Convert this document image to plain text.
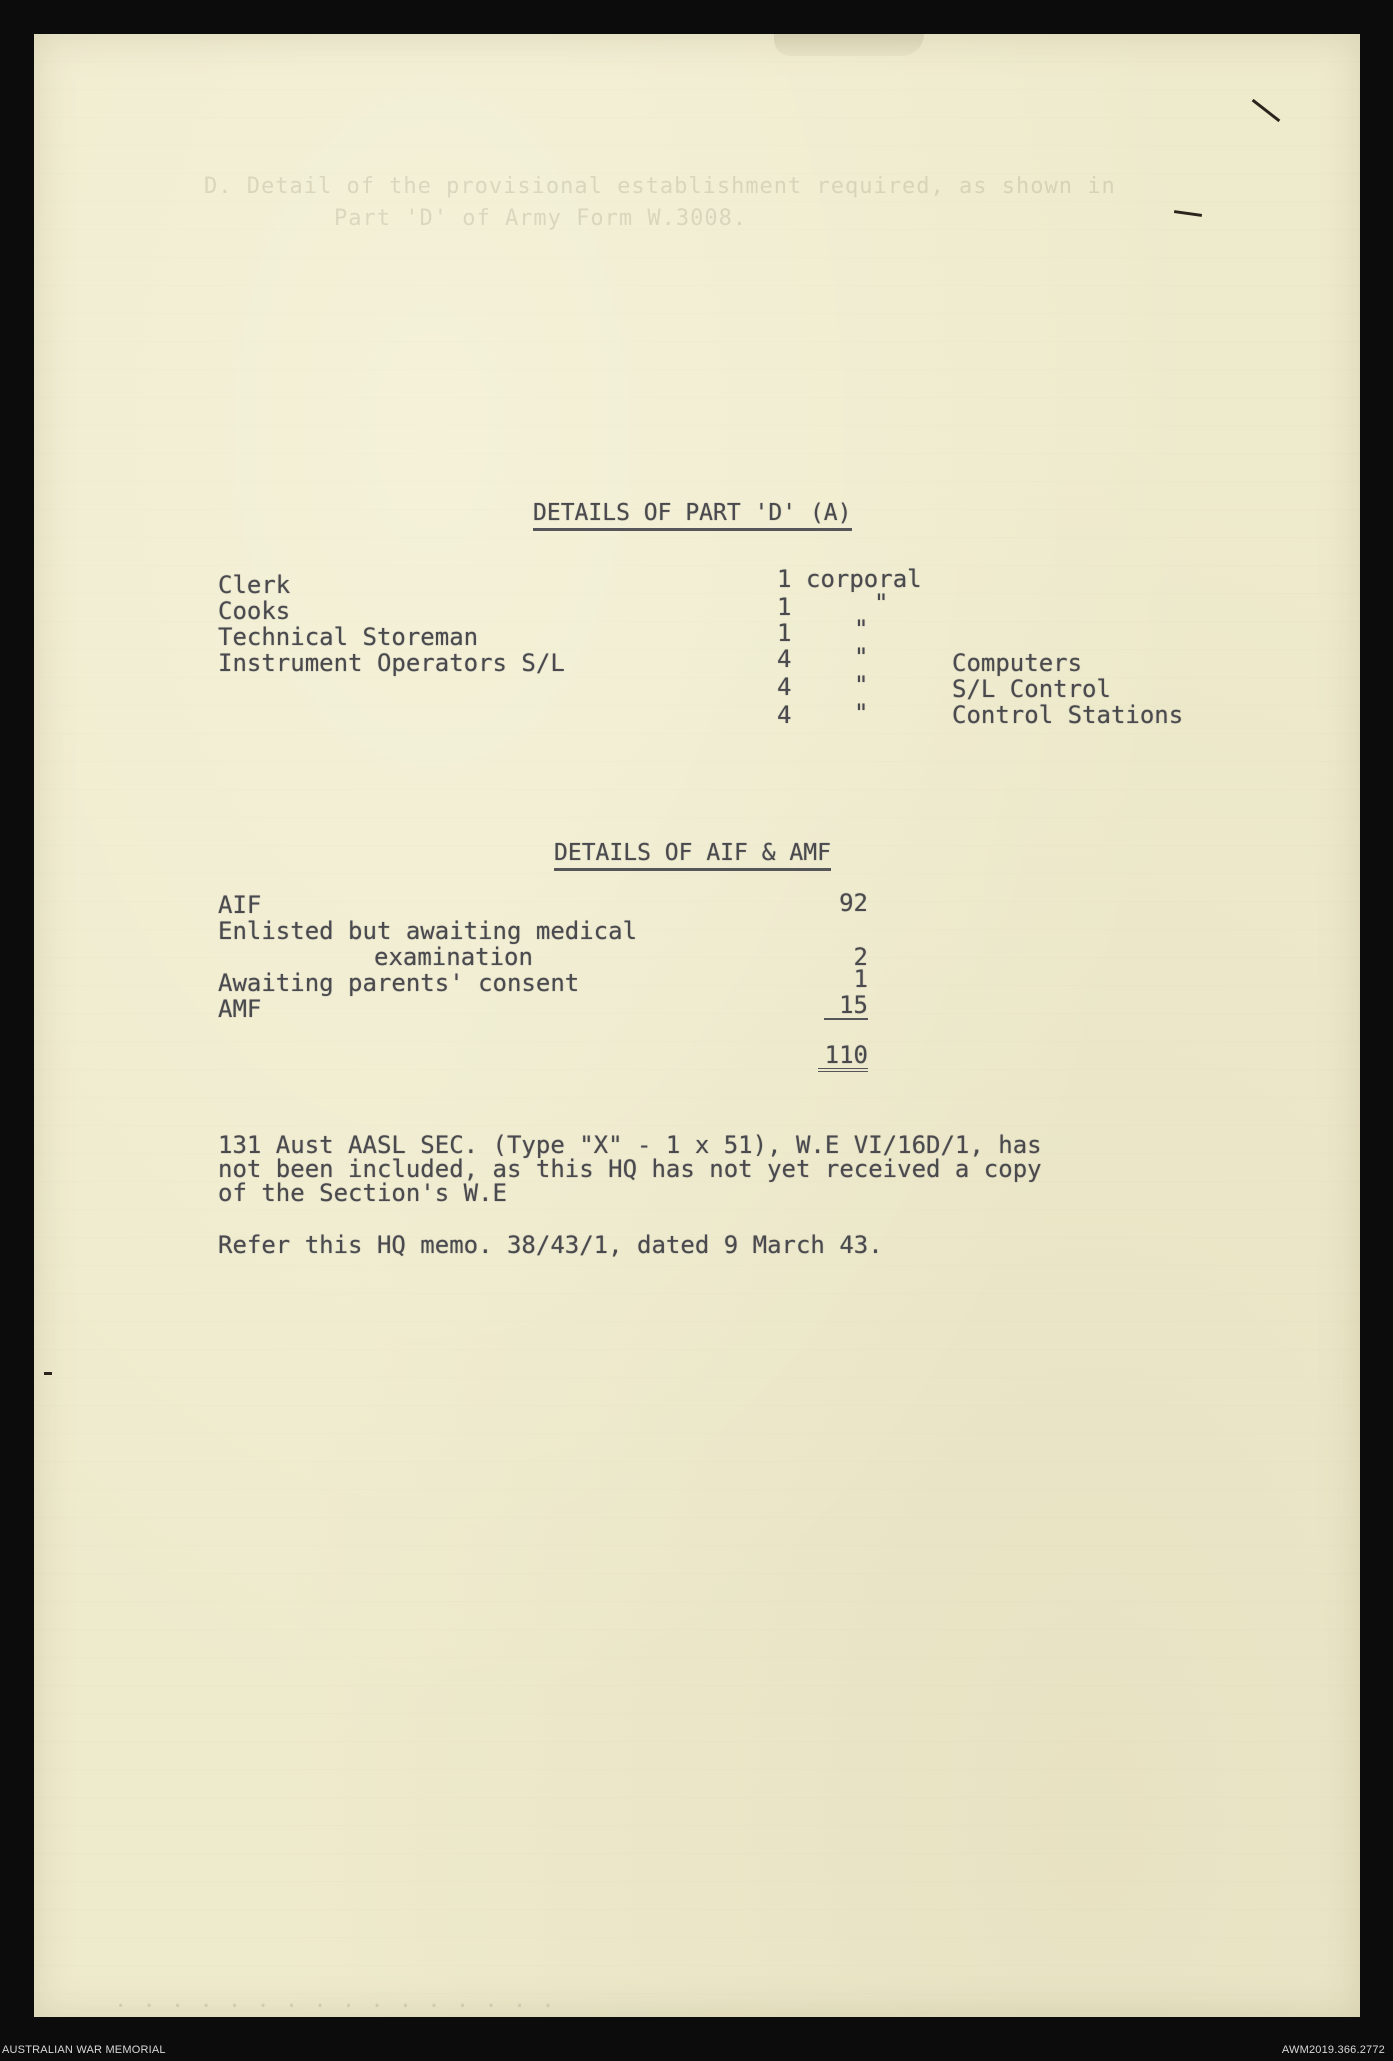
D. Detail of the provisional establishment required, as shown in
Part 'D' of Army Form W.3008.
· · · · · · · · · · · · · · · ·
DETAILS OF PART 'D' (A)
Clerk	1 corporal
Cooks	1	"
Technical Storeman	1	"
Instrument Operators S/L	4	"	Computers
4	"	S/L Control
4	"	Control Stations
DETAILS OF AIF & AMF
AIF	92
Enlisted but awaiting medical
examination	2
Awaiting parents' consent	1
AMF	15
110
131 Aust AASL SEC. (Type "X" - 1 x 51), W.E VI/16D/1, has
not been included, as this HQ has not yet received a copy
of the Section's W.E
Refer this HQ memo. 38/43/1, dated 9 March 43.
AUSTRALIAN WAR MEMORIAL	AWM2019.366.2772
